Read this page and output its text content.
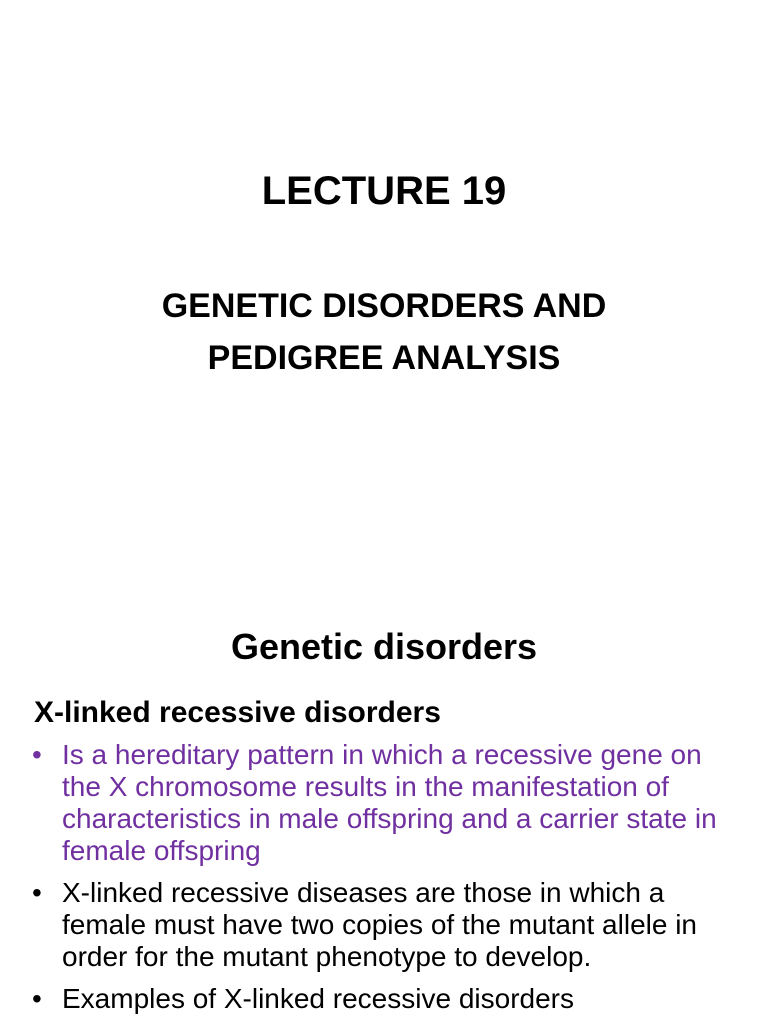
LECTURE 19
GENETIC DISORDERS AND
PEDIGREE ANALYSIS
Genetic disorders
X-linked recessive disorders
• Is a hereditary pattern in which a recessive gene on the X chromosome results in the manifestation of characteristics in male offspring and a carrier state in female offspring
• X-linked recessive diseases are those in which a female must have two copies of the mutant allele in order for the mutant phenotype to develop.
• Examples of X-linked recessive disorders
